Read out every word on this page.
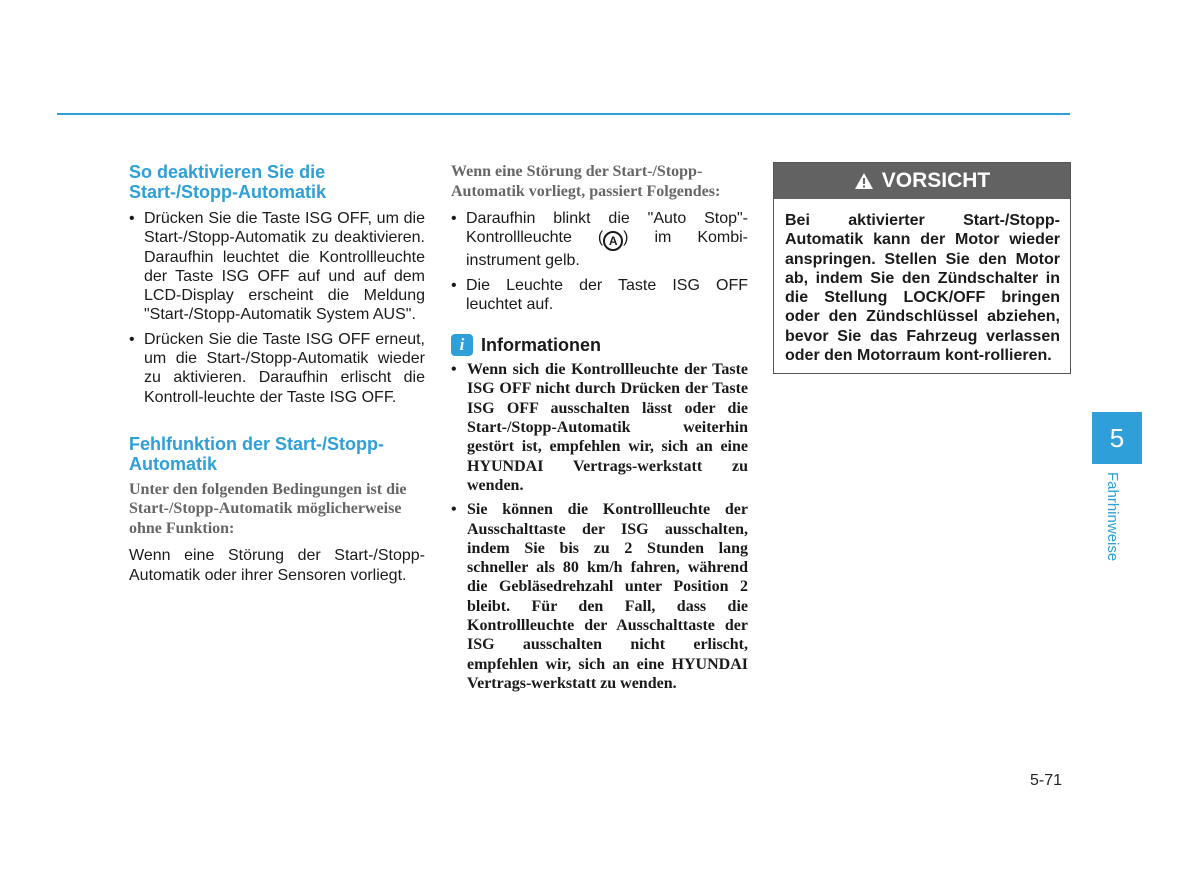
So deaktivieren Sie die Start-/Stopp-Automatik
• Drücken Sie die Taste ISG OFF, um die Start-/Stopp-Automatik zu deaktivieren. Daraufhin leuchtet die Kontrollleuchte der Taste ISG OFF auf und auf dem LCD-Display erscheint die Meldung "Start-/Stopp-Automatik System AUS".
• Drücken Sie die Taste ISG OFF erneut, um die Start-/Stopp-Automatik wieder zu aktivieren. Daraufhin erlischt die Kontroll-leuchte der Taste ISG OFF.
Fehlfunktion der Start-/Stopp-Automatik

Unter den folgenden Bedingungen ist die Start-/Stopp-Automatik möglicherweise ohne Funktion:

Wenn eine Störung der Start-/Stopp-Automatik oder ihrer Sensoren vorliegt.

Wenn eine Störung der Start-/Stopp-Automatik vorliegt, passiert Folgendes:

• Daraufhin blinkt die "Auto Stop"-Kontrollleuchte ( A ) im Kombi-instrument gelb.
• Die Leuchte der Taste ISG OFF leuchtet auf.
i Informationen
• Wenn sich die Kontrollleuchte der Taste ISG OFF nicht durch Drücken der Taste ISG OFF ausschalten lässt oder die Start-/Stopp-Automatik weiterhin gestört ist, empfehlen wir, sich an eine HYUNDAI Vertrags-werkstatt zu wenden.
• Sie können die Kontrollleuchte der Ausschalttaste der ISG ausschalten, indem Sie bis zu 2 Stunden lang schneller als 80 km/h fahren, während die Gebläsedrehzahl unter Position 2 bleibt. Für den Fall, dass die Kontrollleuchte der Ausschalttaste der ISG ausschalten nicht erlischt, empfehlen wir, sich an eine HYUNDAI Vertrags-werkstatt zu wenden.
VORSICHT
Bei aktivierter Start-/Stopp-Automatik kann der Motor wieder anspringen. Stellen Sie den Motor ab, indem Sie den Zündschalter in die Stellung LOCK/OFF bringen oder den Zündschlüssel abziehen, bevor Sie das Fahrzeug verlassen oder den Motorraum kont-rollieren.
5
Fahrhinweise
5-71
